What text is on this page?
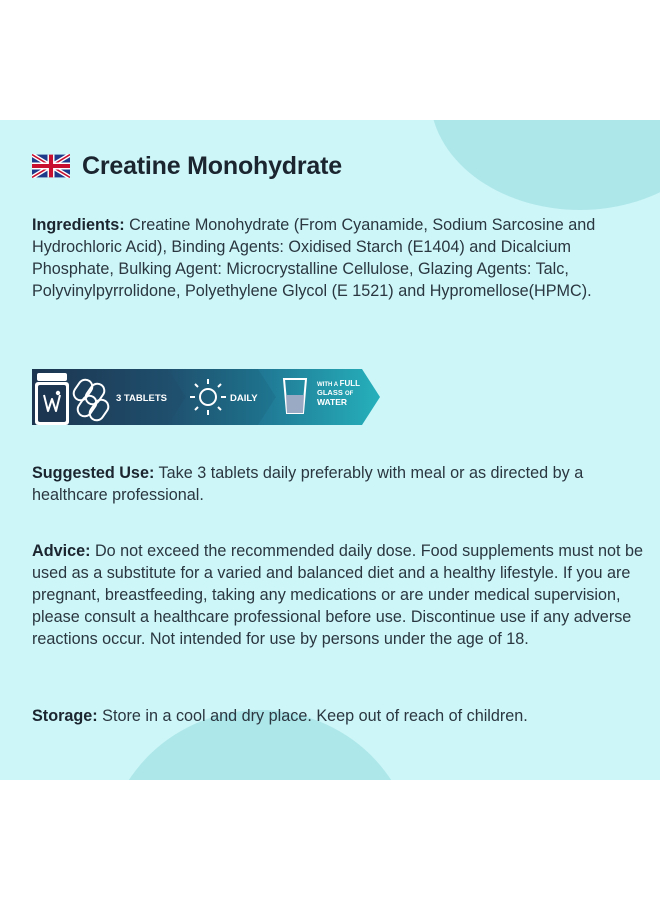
Creatine Monohydrate

Ingredients: Creatine Monohydrate (From Cyanamide, Sodium Sarcosine and Hydrochloric Acid), Binding Agents: Oxidised Starch (E1404) and Dicalcium Phosphate, Bulking Agent: Microcrystalline Cellulose, Glazing Agents: Talc, Polyvinylpyrrolidone, Polyethylene Glycol (E 1521) and Hypromellose(HPMC).

3 TABLETS	DAILY
WITH A FULL
GLASS OF
WATER

Suggested Use: Take 3 tablets daily preferably with meal or as directed by a healthcare professional.

Advice: Do not exceed the recommended daily dose. Food supplements must not be used as a substitute for a varied and balanced diet and a healthy lifestyle. If you are pregnant, breastfeeding, taking any medications or are under medical supervision, please consult a healthcare professional before use. Discontinue use if any adverse reactions occur. Not intended for use by persons under the age of 18.

Storage: Store in a cool and dry place. Keep out of reach of children.
